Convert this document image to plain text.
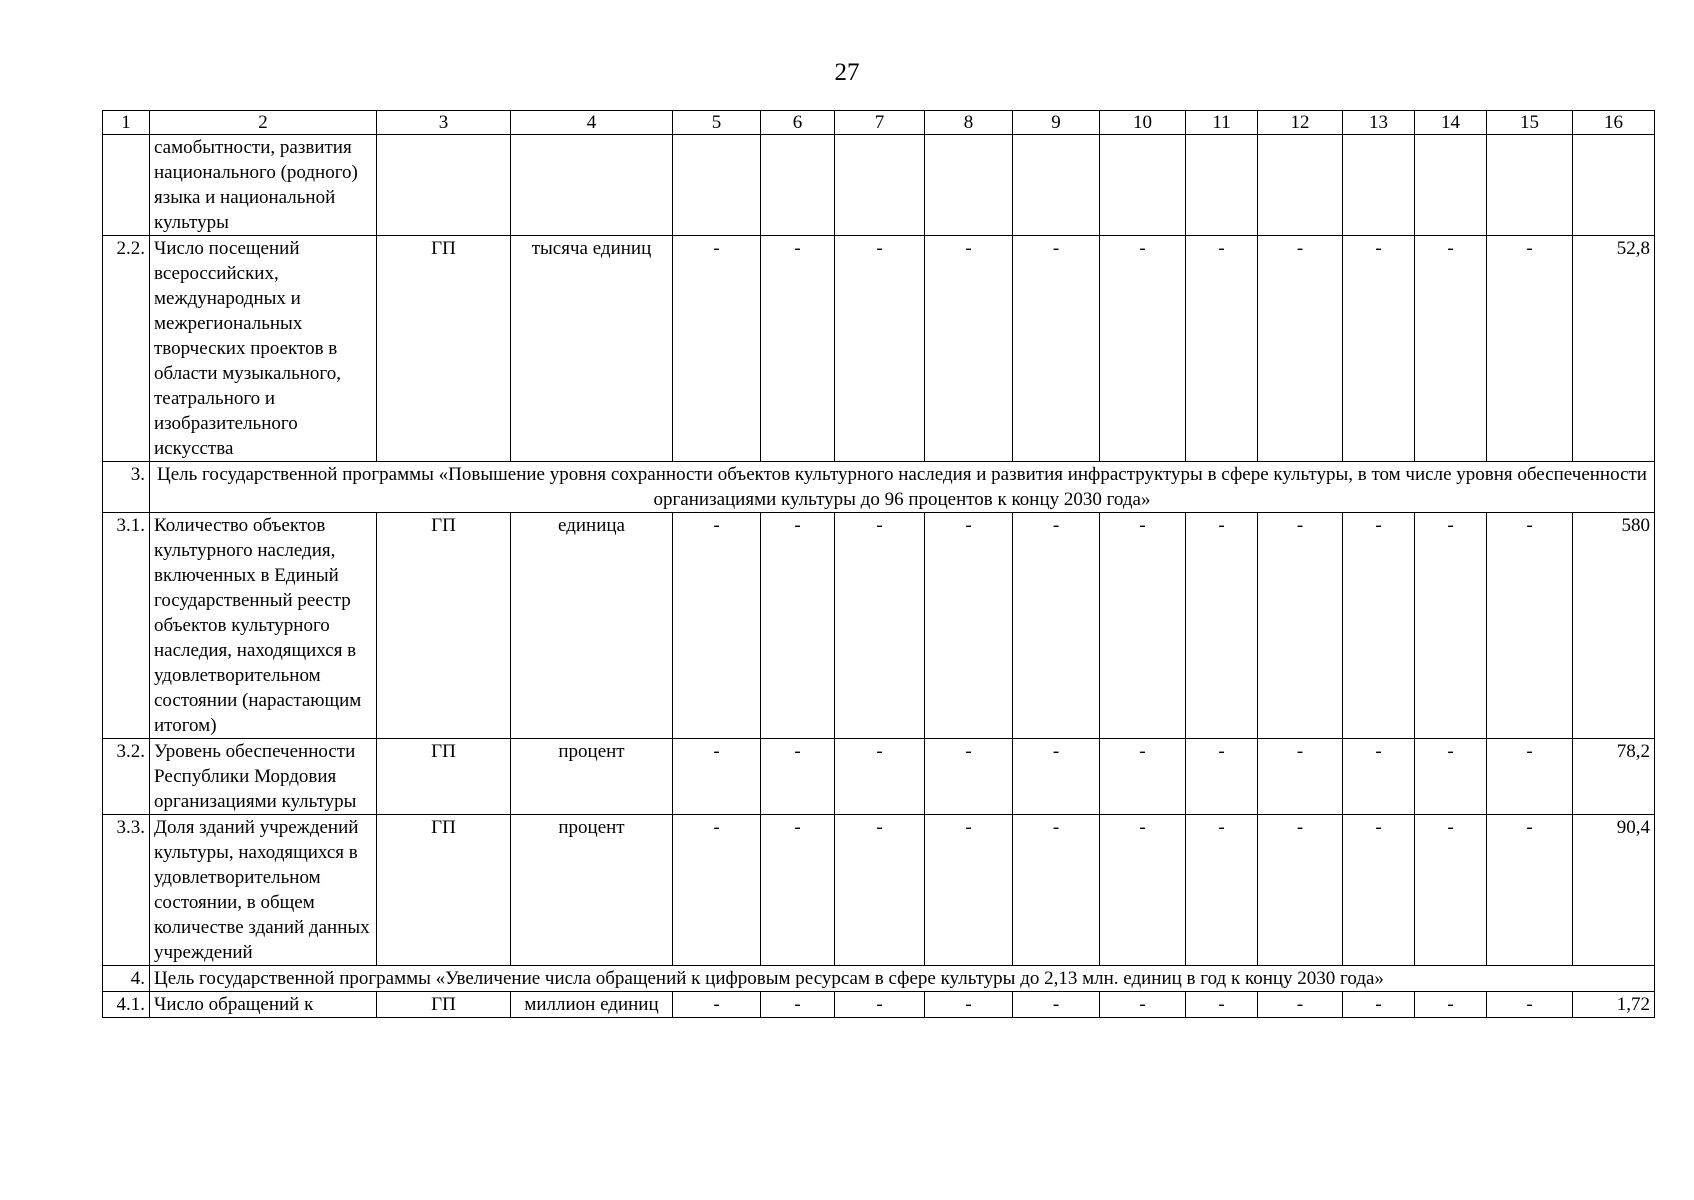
27
1	2	3	4	5	6	7	8	9	10	11	12	13	14	15	16
	самобытности, развития национального (родного) языка и национальной культуры														
2.2.	Число посещений всероссийских, международных и межрегиональных творческих проектов в области музыкального, театрального и изобразительного искусства	ГП	тысяча единиц	-	-	-	-	-	-	-	-	-	-	-	52,8
3.	Цель государственной программы «Повышение уровня сохранности объектов культурного наследия и развития инфраструктуры в сфере культуры, в том числе уровня обеспеченности организациями культуры до 96 процентов к концу 2030 года»														
3.1.	Количество объектов культурного наследия, включенных в Единый государственный реестр объектов культурного наследия, находящихся в удовлетворительном состоянии (нарастающим итогом)	ГП	единица	-	-	-	-	-	-	-	-	-	-	-	580
3.2.	Уровень обеспеченности Республики Мордовия организациями культуры	ГП	процент	-	-	-	-	-	-	-	-	-	-	-	78,2
3.3.	Доля зданий учреждений культуры, находящихся в удовлетворительном состоянии, в общем количестве зданий данных учреждений	ГП	процент	-	-	-	-	-	-	-	-	-	-	-	90,4
4.	Цель государственной программы «Увеличение числа обращений к цифровым ресурсам в сфере культуры до 2,13 млн. единиц в год к концу 2030 года»														
4.1.	Число обращений к	ГП	миллион единиц	-	-	-	-	-	-	-	-	-	-	-	1,72
